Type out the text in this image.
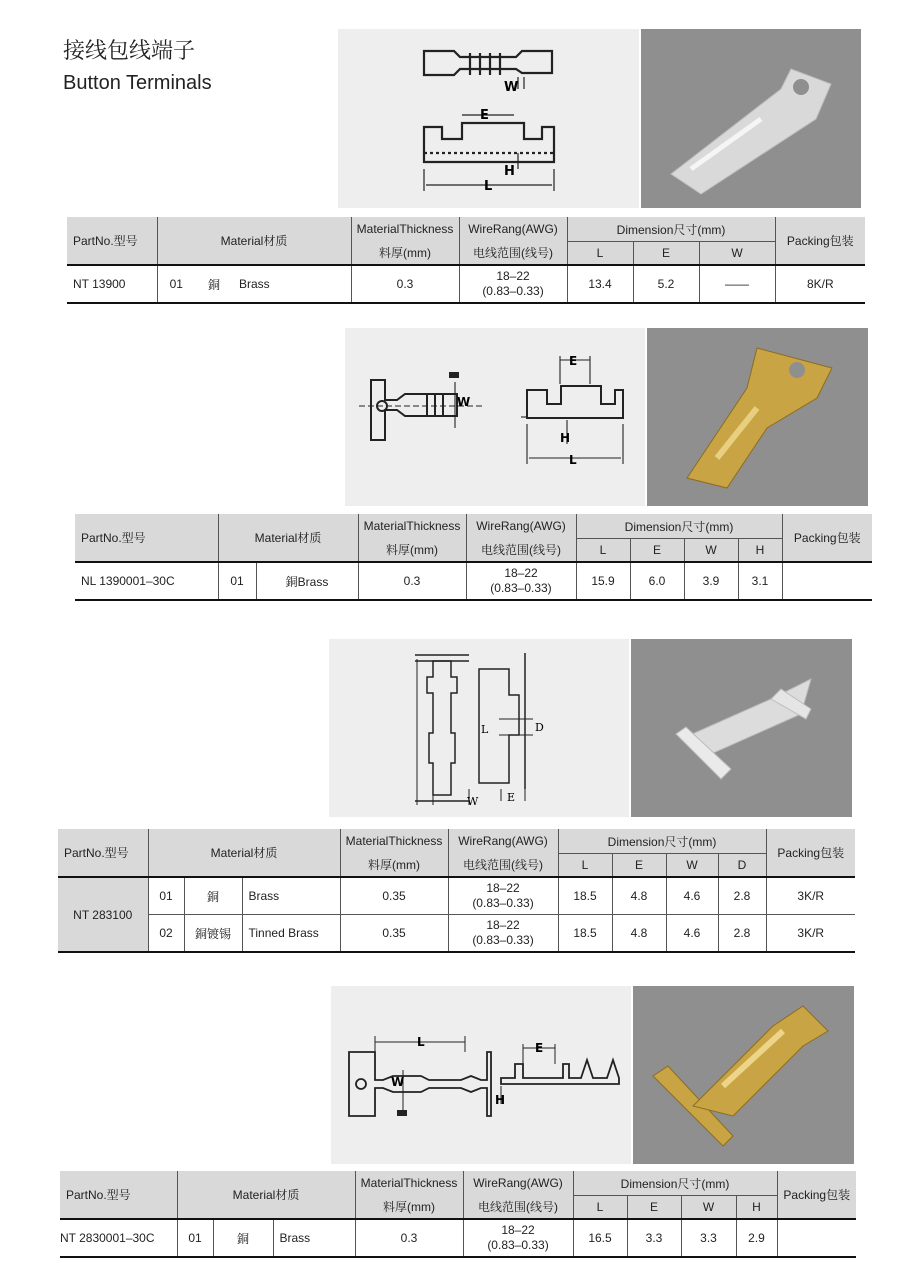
接线包线端子
Button Terminals	W
E
H
L
PartNo.型号	Material材质			MaterialThickness	WireRang(AWG)	Dimension尺寸(mm)			Packing包装
				料厚(mm)	电线范围(线号)	L	E	W	
NT 13900	01	銅	Brass	0.3	18–22
(0.83–0.33)	13.4	5.2	——	8K/R
E
H
L
W
PartNo.型号	Material材质		MaterialThickness	WireRang(AWG)	Dimension尺寸(mm)				Packing包装
			料厚(mm)	电线范围(线号)	L	E	W	H	
NL 1390001–30C	01	銅Brass	0.3	18–22
(0.83–0.33)	15.9	6.0	3.9	3.1	
L	D
W	E
PartNo.型号	Material材质			MaterialThickness	WireRang(AWG)	Dimension尺寸(mm)				Packing包装
				料厚(mm)	电线范围(线号)	L	E	W	D	
NT 283100	01	銅	Brass	0.35	18–22
(0.83–0.33)	18.5	4.8	4.6	2.8	3K/R
	02	銅镀锡	Tinned Brass	0.35	18–22
(0.83–0.33)	18.5	4.8	4.6	2.8	3K/R
L
W
E
H
PartNo.型号	Material材质			MaterialThickness	WireRang(AWG)	Dimension尺寸(mm)				Packing包装
				料厚(mm)	电线范围(线号)	L	E	W	H	
NT 2830001–30C	01	銅	Brass	0.3	18–22
(0.83–0.33)	16.5	3.3	3.3	2.9	
